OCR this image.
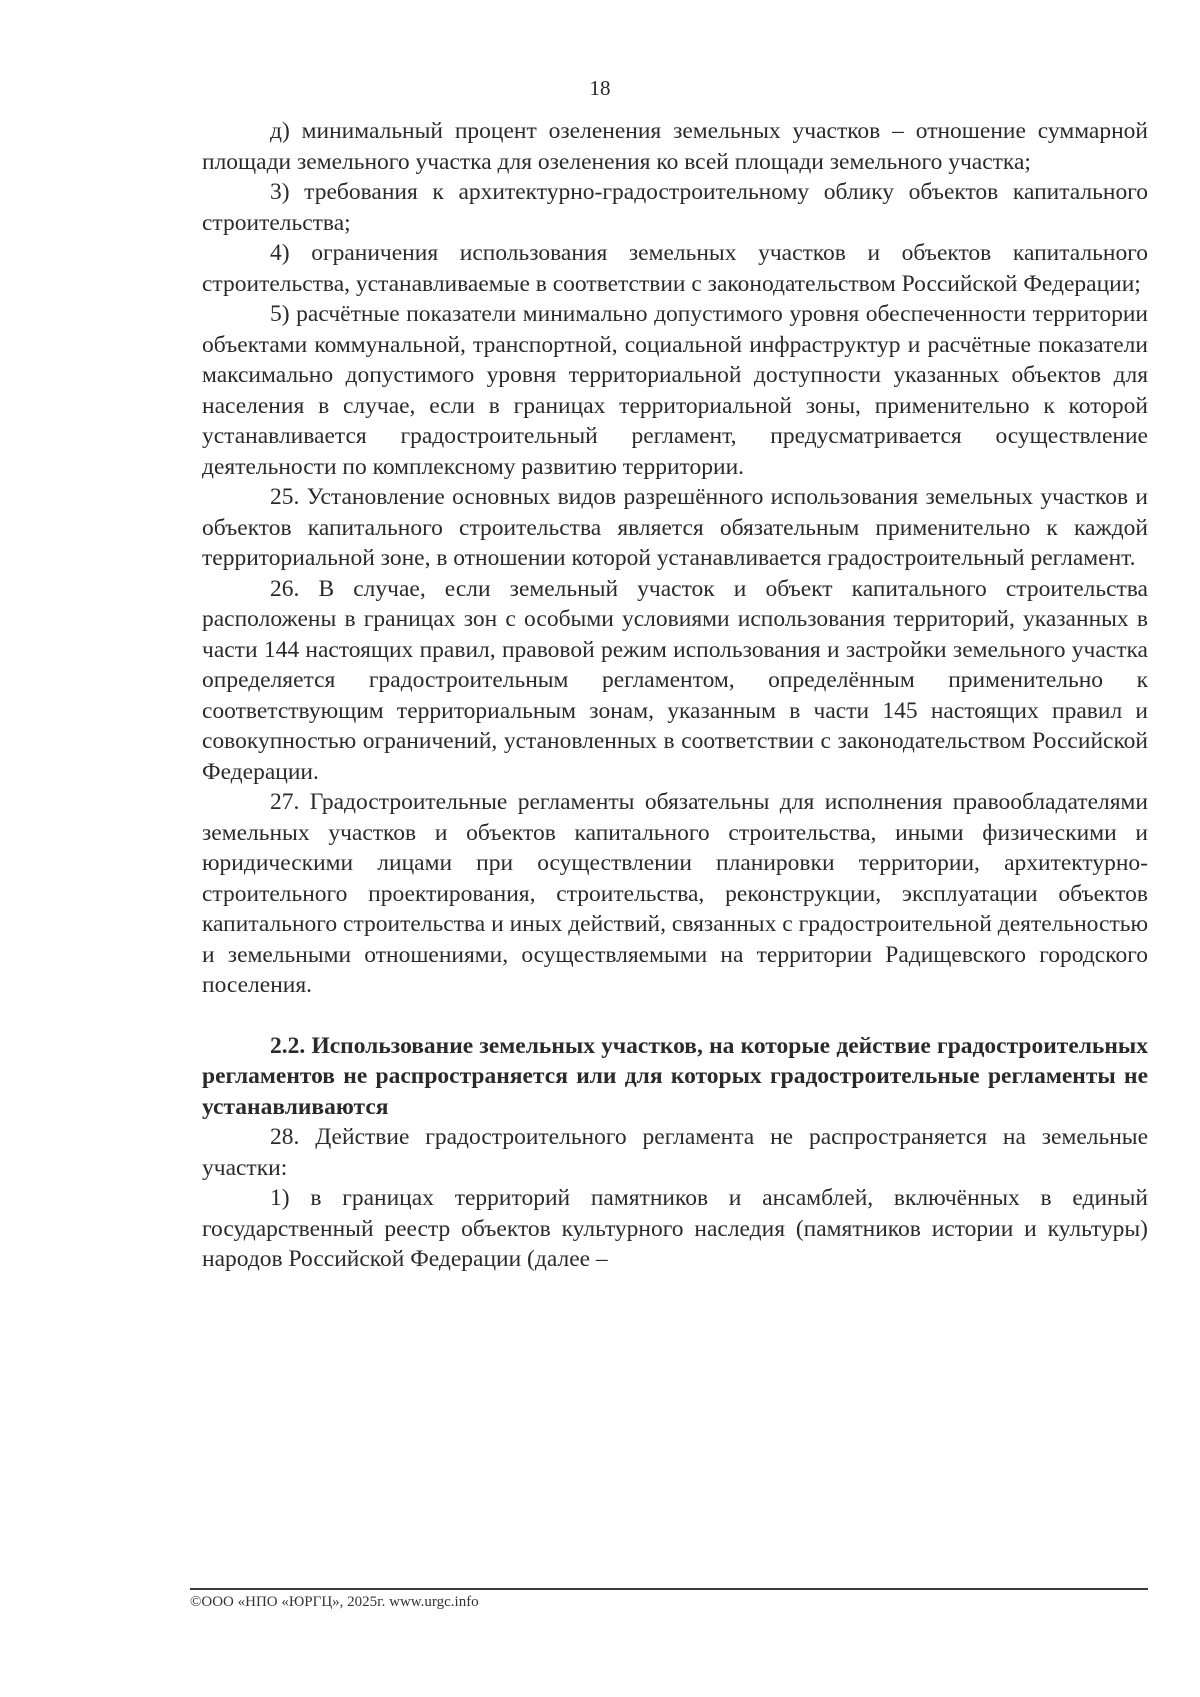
18

д) минимальный процент озеленения земельных участков – отношение суммарной площади земельного участка для озеленения ко всей площади земельного участка;

3) требования к архитектурно-градостроительному облику объектов капитального строительства;

4) ограничения использования земельных участков и объектов капитального строительства, устанавливаемые в соответствии с законодательством Российской Федерации;

5) расчётные показатели минимально допустимого уровня обеспеченности территории объектами коммунальной, транспортной, социальной инфраструктур и расчётные показатели максимально допустимого уровня территориальной доступности указанных объектов для населения в случае, если в границах территориальной зоны, применительно к которой устанавливается градостроительный регламент, предусматривается осуществление деятельности по комплексному развитию территории.

25. Установление основных видов разрешённого использования земельных участков и объектов капитального строительства является обязательным применительно к каждой территориальной зоне, в отношении которой устанавливается градостроительный регламент.

26. В случае, если земельный участок и объект капитального строительства расположены в границах зон с особыми условиями использования территорий, указанных в части 144 настоящих правил, правовой режим использования и застройки земельного участка определяется градостроительным регламентом, определённым применительно к соответствующим территориальным зонам, указанным в части 145 настоящих правил и совокупностью ограничений, установленных в соответствии с законодательством Российской Федерации.

27. Градостроительные регламенты обязательны для исполнения правообладателями земельных участков и объектов капитального строительства, иными физическими и юридическими лицами при осуществлении планировки территории, архитектурно-строительного проектирования, строительства, реконструкции, эксплуатации объектов капитального строительства и иных действий, связанных с градостроительной деятельностью и земельными отношениями, осуществляемыми на территории Радищевского городского поселения.

2.2. Использование земельных участков, на которые действие градостроительных регламентов не распространяется или для которых градостроительные регламенты не устанавливаются

28. Действие градостроительного регламента не распространяется на земельные участки:

1) в границах территорий памятников и ансамблей, включённых в единый государственный реестр объектов культурного наследия (памятников истории и культуры) народов Российской Федерации (далее –

©ООО «НПО «ЮРГЦ», 2025г. www.urgc.info
